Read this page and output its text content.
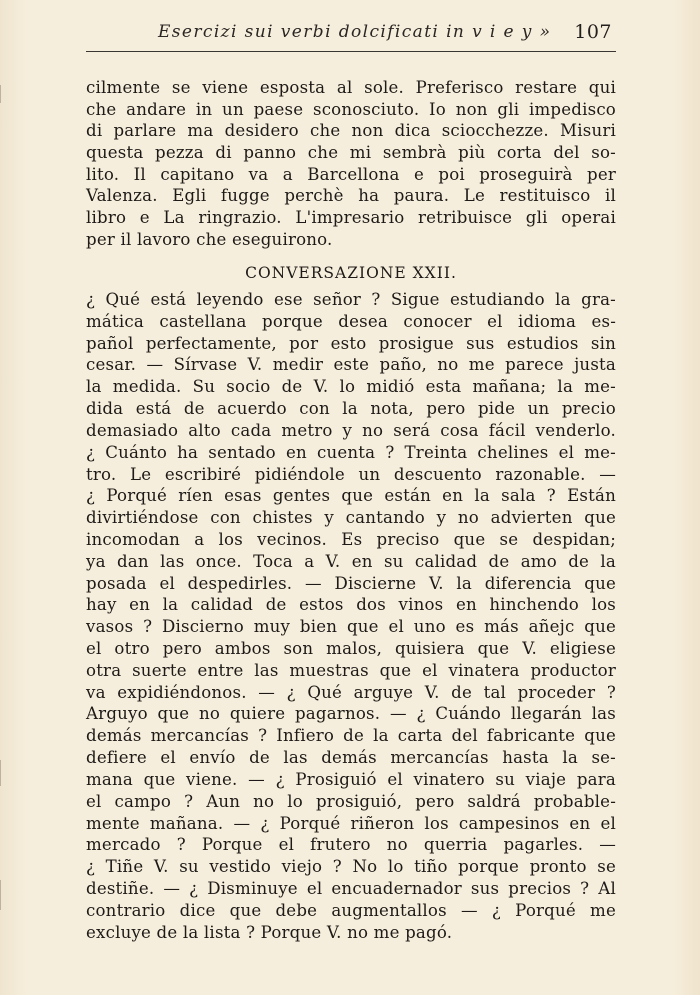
Esercizi sui verbi dolcificati in v i e y » 107
cilmente se viene esposta al sole. Preferisco restare qui
che andare in un paese sconosciuto. Io non gli impedisco
di parlare ma desidero che non dica sciocchezze. Misuri
questa pezza di panno che mi sembrà più corta del so-
lito. Il capitano va a Barcellona e poi proseguirà per
Valenza. Egli fugge perchè ha paura. Le restituisco il
libro e La ringrazio. L'impresario retribuisce gli operai
per il lavoro che eseguirono.
CONVERSAZIONE XXII.
¿ Qué está leyendo ese señor ? Sigue estudiando la gra-
mática castellana porque desea conocer el idioma es-
pañol perfectamente, por esto prosigue sus estudios sin
cesar. — Sírvase V. medir este paño, no me parece justa
la medida. Su socio de V. lo midió esta mañana; la me-
dida está de acuerdo con la nota, pero pide un precio
demasiado alto cada metro y no será cosa fácil venderlo.
¿ Cuánto ha sentado en cuenta ? Treinta chelines el me-
tro. Le escribiré pidiéndole un descuento razonable. —
¿ Porqué ríen esas gentes que están en la sala ? Están
divirtiéndose con chistes y cantando y no advierten que
incomodan a los vecinos. Es preciso que se despidan;
ya dan las once. Toca a V. en su calidad de amo de la
posada el despedirles. — Discierne V. la diferencia que
hay en la calidad de estos dos vinos en hinchendo los
vasos ? Discierno muy bien que el uno es más añejc que
el otro pero ambos son malos, quisiera que V. eligiese
otra suerte entre las muestras que el vinatera productor
va expidiéndonos. — ¿ Qué arguye V. de tal proceder ?
Arguyo que no quiere pagarnos. — ¿ Cuándo llegarán las
demás mercancías ? Infiero de la carta del fabricante que
defiere el envío de las demás mercancías hasta la se-
mana que viene. — ¿ Prosiguió el vinatero su viaje para
el campo ? Aun no lo prosiguió, pero saldrá probable-
mente mañana. — ¿ Porqué riñeron los campesinos en el
mercado ? Porque el frutero no querria pagarles. —
¿ Tiñe V. su vestido viejo ? No lo tiño porque pronto se
destiñe. — ¿ Disminuye el encuadernador sus precios ? Al
contrario dice que debe augmentallos — ¿ Porqué me
excluye de la lista ? Porque V. no me pagó.
